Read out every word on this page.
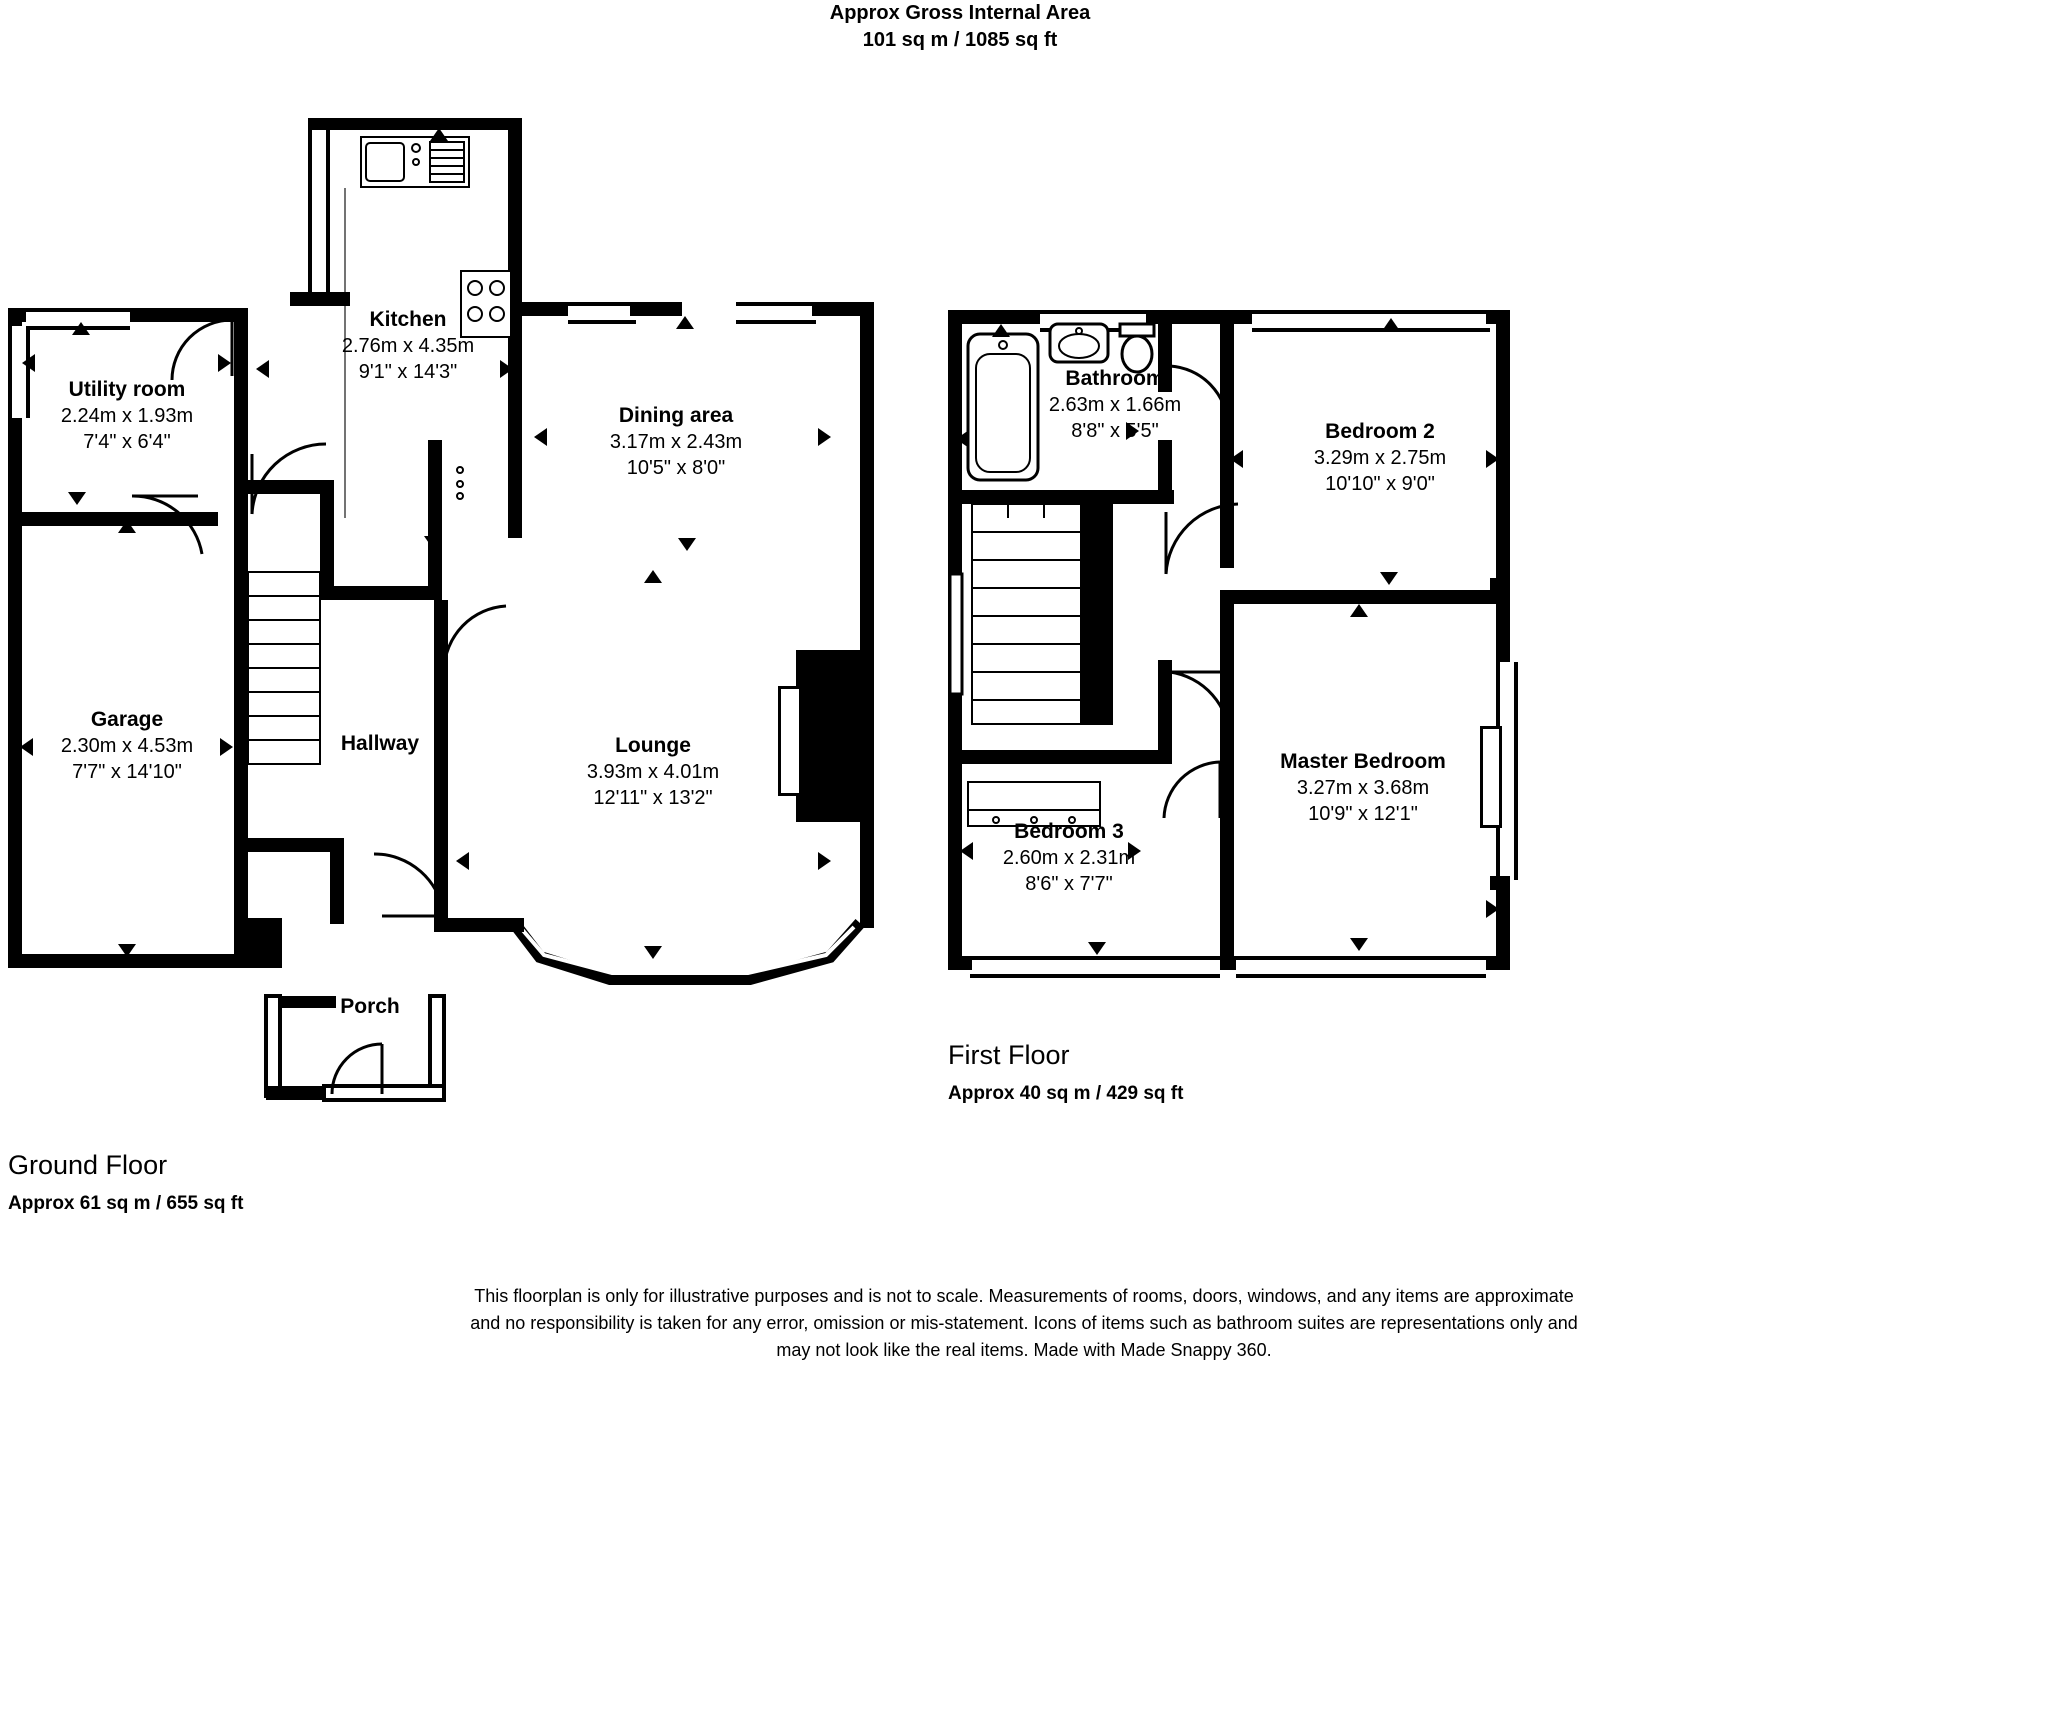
Approx Gross Internal Area
101 sq m / 1085 sq ft
Kitchen
2.76m x 4.35m
9'1" x 14'3"
Utility room
2.24m x 1.93m
7'4" x 6'4"
Garage
2.30m x 4.53m
7'7" x 14'10"
Hallway
Dining area
3.17m x 2.43m
10'5" x 8'0"
Lounge
3.93m x 4.01m
12'11" x 13'2"
Porch
Bathroom
2.63m x 1.66m
8'8" x 5'5"	Bedroom 2
3.29m x 2.75m
10'10" x 9'0"
Master Bedroom
3.27m x 3.68m
10'9" x 12'1"
Bedroom 3
2.60m x 2.31m
8'6" x 7'7"
Ground Floor
Approx 61 sq m / 655 sq ft
First Floor
Approx 40 sq m / 429 sq ft
This floorplan is only for illustrative purposes and is not to scale. Measurements of rooms, doors, windows, and any items are approximate
and no responsibility is taken for any error, omission or mis-statement. Icons of items such as bathroom suites are representations only and
may not look like the real items. Made with Made Snappy 360.
